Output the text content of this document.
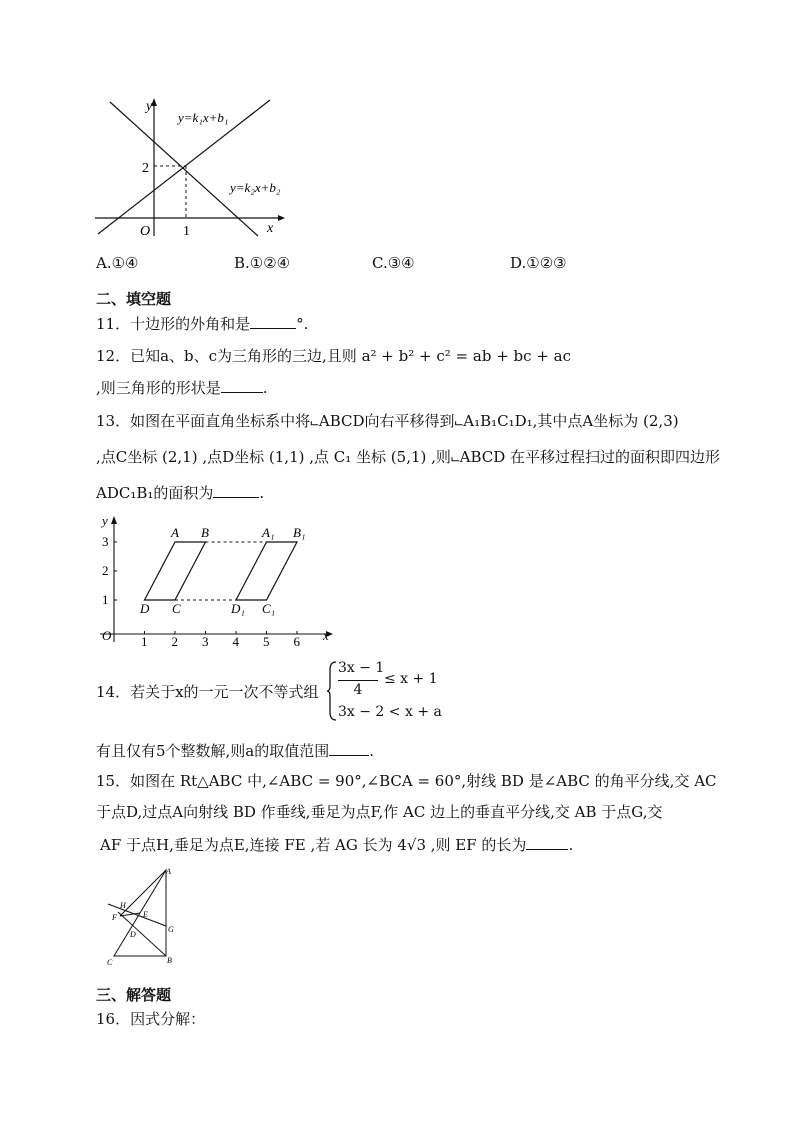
y
x
O
2
1
y=k₁x+b₁
y=k₂x+b₂
A.①④	B.①②④	C.③④	D.①②③
二、填空题
11．十边形的外角和是	°.
12．已知a、b、c为三角形的三边,且则 a² + b² + c² = ab + bc + ac
,则三角形的形状是	.
13．如图在平面直角坐标系中将⨽ABCD向右平移得到⨽A₁B₁C₁D₁,其中点A坐标为 (2,3)
,点C坐标 (2,1) ,点D坐标 (1,1) ,点 C₁ 坐标 (5,1) ,则⨽ABCD 在平移过程扫过的面积即四边形
ADC₁B₁的面积为	.
y
x
O 1 2 3 4 5 6
1
2
3
A B
C
D
A₁ B₁
C₁
D₁
14．若关于x的一元一次不等式组
3x − 1
4
≤ x + 1
3x − 2 < x + a
有且仅有5个整数解,则a的取值范围	.
15．如图在 Rt△ABC 中,∠ABC = 90°,∠BCA = 60°,射线 BD 是∠ABC 的角平分线,交 AC
于点D,过点A向射线 BD 作垂线,垂足为点F,作 AC 边上的垂直平分线,交 AB 于点G,交
AF 于点H,垂足为点E,连接 FE ,若 AG 长为 4√3 ,则 EF 的长为	.
A
B
C
D
E
F
G
H
三、解答题
16．因式分解：
